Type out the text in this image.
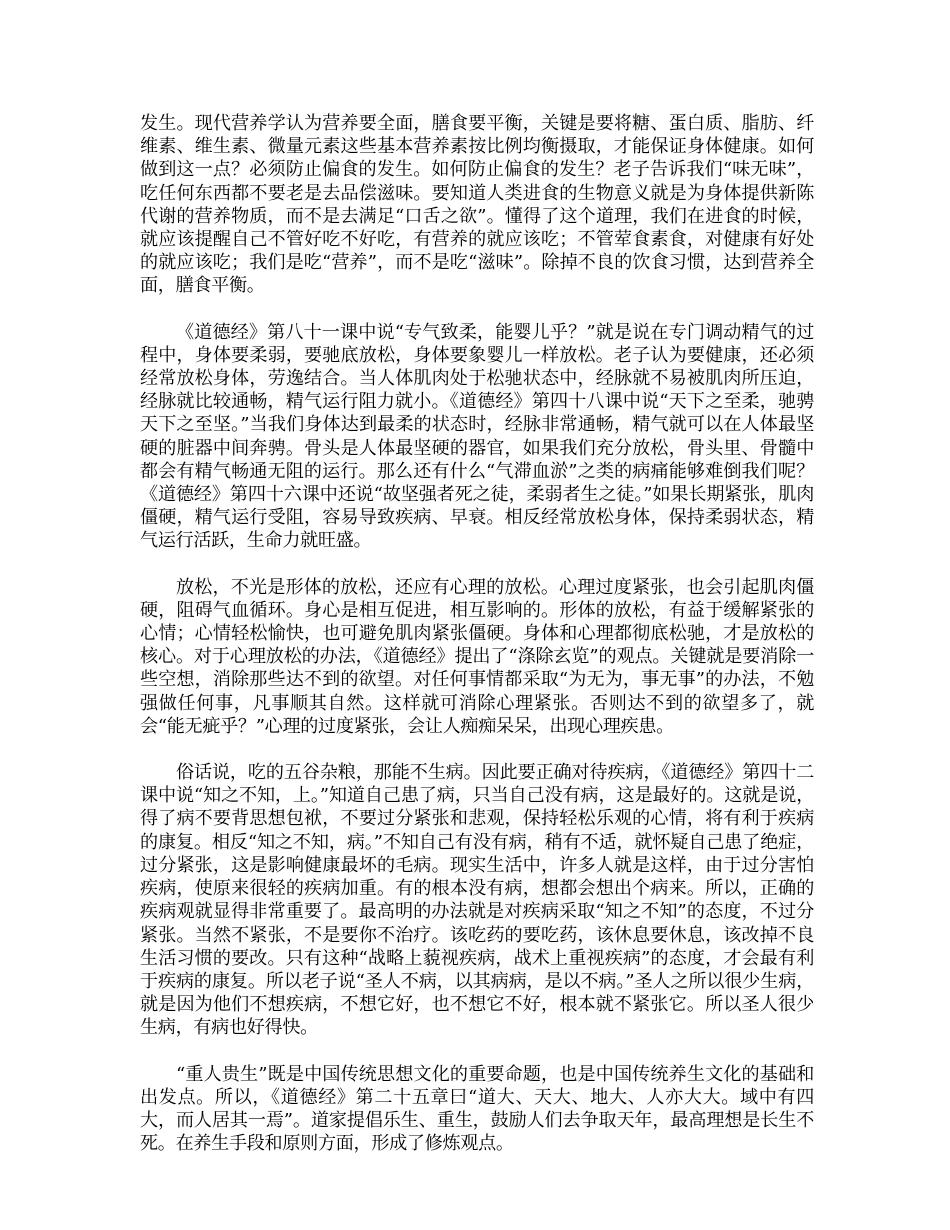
发生。现代营养学认为营养要全面，膳食要平衡，关键是要将糖、蛋白质、脂肪、纤维素、维生素、微量元素这些基本营养素按比例均衡摄取，才能保证身体健康。如何做到这一点？必须防止偏食的发生。如何防止偏食的发生？老子告诉我们“味无味”，吃任何东西都不要老是去品偿滋味。要知道人类进食的生物意义就是为身体提供新陈代谢的营养物质，而不是去满足“口舌之欲”。懂得了这个道理，我们在进食的时候，就应该提醒自己不管好吃不好吃，有营养的就应该吃；不管荤食素食，对健康有好处的就应该吃；我们是吃“营养”，而不是吃“滋味”。除掉不良的饮食习惯，达到营养全面，膳食平衡。

《道德经》第八十一课中说“专气致柔，能婴儿乎？”就是说在专门调动精气的过程中，身体要柔弱，要驰底放松，身体要象婴儿一样放松。老子认为要健康，还必须经常放松身体，劳逸结合。当人体肌肉处于松驰状态中，经脉就不易被肌肉所压迫，经脉就比较通畅，精气运行阻力就小。《道德经》第四十八课中说“天下之至柔，驰骋天下之至坚。”当我们身体达到最柔的状态时，经脉非常通畅，精气就可以在人体最坚硬的脏器中间奔骋。骨头是人体最坚硬的器官，如果我们充分放松，骨头里、骨髓中都会有精气畅通无阻的运行。那么还有什么“气滞血淤”之类的病痛能够难倒我们呢？《道德经》第四十六课中还说“故坚强者死之徒，柔弱者生之徒。”如果长期紧张，肌肉僵硬，精气运行受阻，容易导致疾病、早衰。相反经常放松身体，保持柔弱状态，精气运行活跃，生命力就旺盛。

放松，不光是形体的放松，还应有心理的放松。心理过度紧张，也会引起肌肉僵硬，阻碍气血循环。身心是相互促进，相互影响的。形体的放松，有益于缓解紧张的心情；心情轻松愉快，也可避免肌肉紧张僵硬。身体和心理都彻底松驰，才是放松的核心。对于心理放松的办法，《道德经》提出了“涤除玄览”的观点。关键就是要消除一些空想，消除那些达不到的欲望。对任何事情都采取“为无为，事无事”的办法，不勉强做任何事，凡事顺其自然。这样就可消除心理紧张。否则达不到的欲望多了，就会“能无疵乎？”心理的过度紧张，会让人痴痴呆呆，出现心理疾患。

俗话说，吃的五谷杂粮，那能不生病。因此要正确对待疾病，《道德经》第四十二课中说“知之不知，上。”知道自己患了病，只当自己没有病，这是最好的。这就是说，得了病不要背思想包袱，不要过分紧张和悲观，保持轻松乐观的心情，将有利于疾病的康复。相反“知之不知，病。”不知自己有没有病，稍有不适，就怀疑自己患了绝症，过分紧张，这是影响健康最坏的毛病。现实生活中，许多人就是这样，由于过分害怕疾病，使原来很轻的疾病加重。有的根本没有病，想都会想出个病来。所以，正确的疾病观就显得非常重要了。最高明的办法就是对疾病采取“知之不知”的态度，不过分紧张。当然不紧张，不是要你不治疗。该吃药的要吃药，该休息要休息，该改掉不良生活习惯的要改。只有这种“战略上藐视疾病，战术上重视疾病”的态度，才会最有利于疾病的康复。所以老子说“圣人不病，以其病病，是以不病。”圣人之所以很少生病，就是因为他们不想疾病，不想它好，也不想它不好，根本就不紧张它。所以圣人很少生病，有病也好得快。

“重人贵生”既是中国传统思想文化的重要命题，也是中国传统养生文化的基础和出发点。所以，《道德经》第二十五章曰“道大、天大、地大、人亦大大。域中有四大，而人居其一焉”。道家提倡乐生、重生，鼓励人们去争取天年，最高理想是长生不死。在养生手段和原则方面，形成了修炼观点。
